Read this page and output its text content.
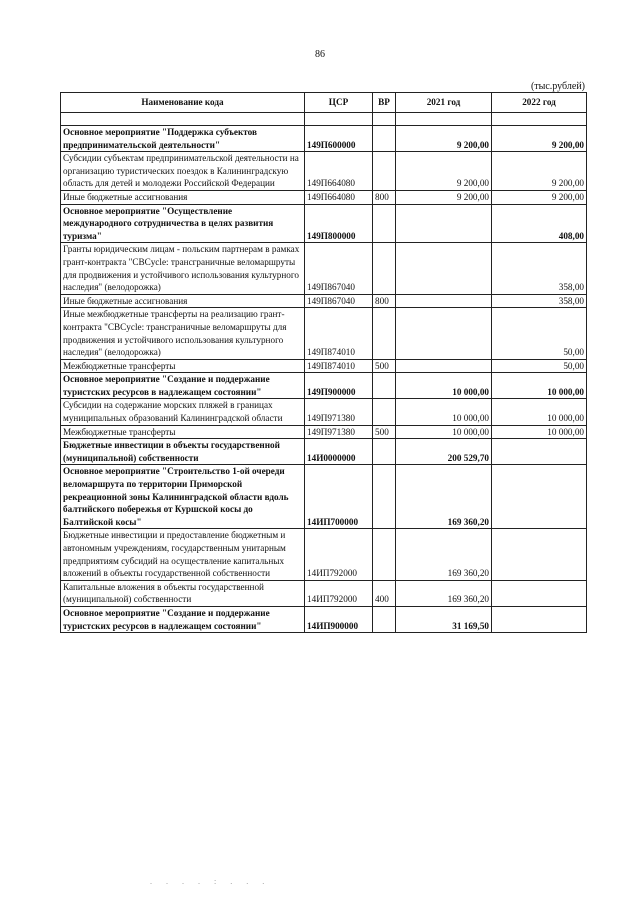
86
(тыс.рублей)
Наименование кода	ЦСР	ВР	2021 год	2022 год

Основное мероприятие "Поддержка субъектов предпринимательской деятельности"	149П600000		9 200,00	9 200,00
Субсидии субъектам предпринимательской деятельности на организацию туристических поездок в Калининградскую область для детей и молодежи Российской Федерации	149П664080		9 200,00	9 200,00
Иные бюджетные ассигнования	149П664080	800	9 200,00	9 200,00
Основное мероприятие "Осуществление международного сотрудничества в целях развития туризма"	149П800000			408,00
Гранты юридическим лицам - польским партнерам в рамках грант-контракта "CBCycle: трансграничные веломаршруты для продвижения и устойчивого использования культурного наследия" (велодорожка)	149П867040			358,00
Иные бюджетные ассигнования	149П867040	800		358,00
Иные межбюджетные трансферты на реализацию грант-контракта "CBCycle: трансграничные веломаршруты для продвижения и устойчивого использования культурного наследия" (велодорожка)	149П874010			50,00
Межбюджетные трансферты	149П874010	500		50,00
Основное мероприятие "Создание и поддержание туристских ресурсов в надлежащем состоянии"	149П900000		10 000,00	10 000,00
Субсидии на содержание морских пляжей в границах муниципальных образований Калининградской области	149П971380		10 000,00	10 000,00
Межбюджетные трансферты	149П971380	500	10 000,00	10 000,00
Бюджетные инвестиции в объекты государственной (муниципальной) собственности	14И0000000		200 529,70	
Основное мероприятие "Строительство 1-ой очереди веломаршрута по территории Приморской рекреационной зоны Калининградской области вдоль балтийского побережья от Куршской косы до Балтийской косы"	14ИП700000		169 360,20	
Бюджетные инвестиции и предоставление бюджетным и автономным учреждениям, государственным унитарным предприятиям субсидий на осуществление капитальных вложений в объекты государственной собственности	14ИП792000		169 360,20	
Капитальные вложения в объекты государственной (муниципальной) собственности	14ИП792000	400	169 360,20	
Основное мероприятие "Создание и поддержание туристских ресурсов в надлежащем состоянии"	14ИП900000		31 169,50	
. . . . : . . .
